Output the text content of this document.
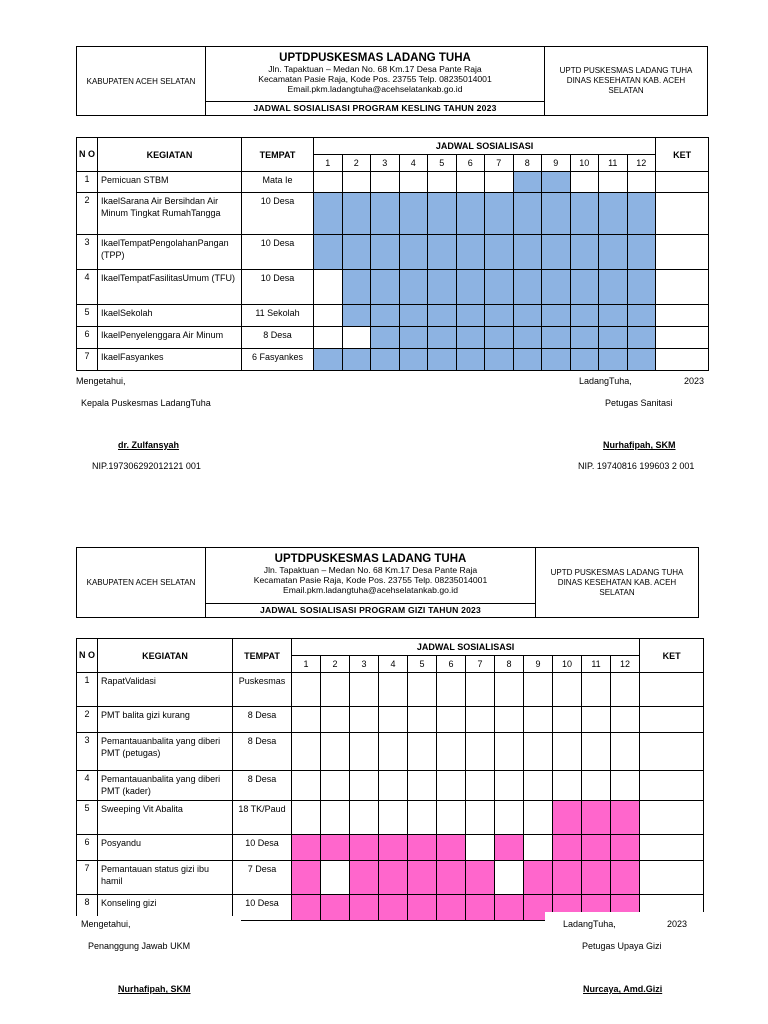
KABUPATEN ACEH SELATAN
UPTDPUSKESMAS LADANG TUHA
Jln. Tapaktuan – Medan No. 68 Km.17 Desa Pante Raja
Kecamatan Pasie Raja, Kode Pos. 23755 Telp. 08235014001
Email.pkm.ladangtuha@acehselatankab.go.id
JADWAL SOSIALISASI PROGRAM KESLING TAHUN 2023
UPTD PUSKESMAS LADANG TUHA DINAS KESEHATAN KAB. ACEH SELATAN
N O	KEGIATAN	TEMPAT	JADWAL SOSIALISASI												KET
			1	2	3	4	5	6	7	8	9	10	11	12	
1	Pemicuan STBM	Mata Ie													
2	IkaelSarana Air Bersihdan Air Minum Tingkat RumahTangga	10 Desa													
3	IkaelTempatPengolahanPangan (TPP)	10 Desa													
4	IkaelTempatFasilitasUmum (TFU)	10 Desa													
5	IkaelSekolah	11 Sekolah													
6	IkaelPenyelenggara Air Minum	8 Desa													
7	IkaelFasyankes	6 Fasyankes													
Mengetahui,	LadangTuha,	2023
Kepala Puskesmas LadangTuha	Petugas Sanitasi
dr. Zulfansyah	Nurhafipah, SKM
NIP.197306292012121 001	NIP. 19740816 199603 2 001
KABUPATEN ACEH SELATAN
UPTDPUSKESMAS LADANG TUHA
Jln. Tapaktuan – Medan No. 68 Km.17 Desa Pante Raja
Kecamatan Pasie Raja, Kode Pos. 23755 Telp. 08235014001
Email.pkm.ladangtuha@acehselatankab.go.id
JADWAL SOSIALISASI PROGRAM GIZI TAHUN 2023
UPTD PUSKESMAS LADANG TUHA DINAS KESEHATAN KAB. ACEH SELATAN
N O	KEGIATAN	TEMPAT	JADWAL SOSIALISASI												KET
			1	2	3	4	5	6	7	8	9	10	11	12	
1	RapatValidasi	Puskesmas													
2	PMT balita gizi kurang	8 Desa													
3	Pemantauanbalita yang diberi PMT (petugas)	8 Desa													
4	Pemantauanbalita yang diberi PMT (kader)	8 Desa													
5	Sweeping Vit Abalita	18 TK/Paud													
6	Posyandu	10 Desa													
7	Pemantauan status gizi ibu hamil	7 Desa													
8	Konseling gizi	10 Desa													
Mengetahui,	LadangTuha,	2023
Penanggung Jawab UKM	Petugas Upaya Gizi
Nurhafipah, SKM	Nurcaya, Amd.Gizi
